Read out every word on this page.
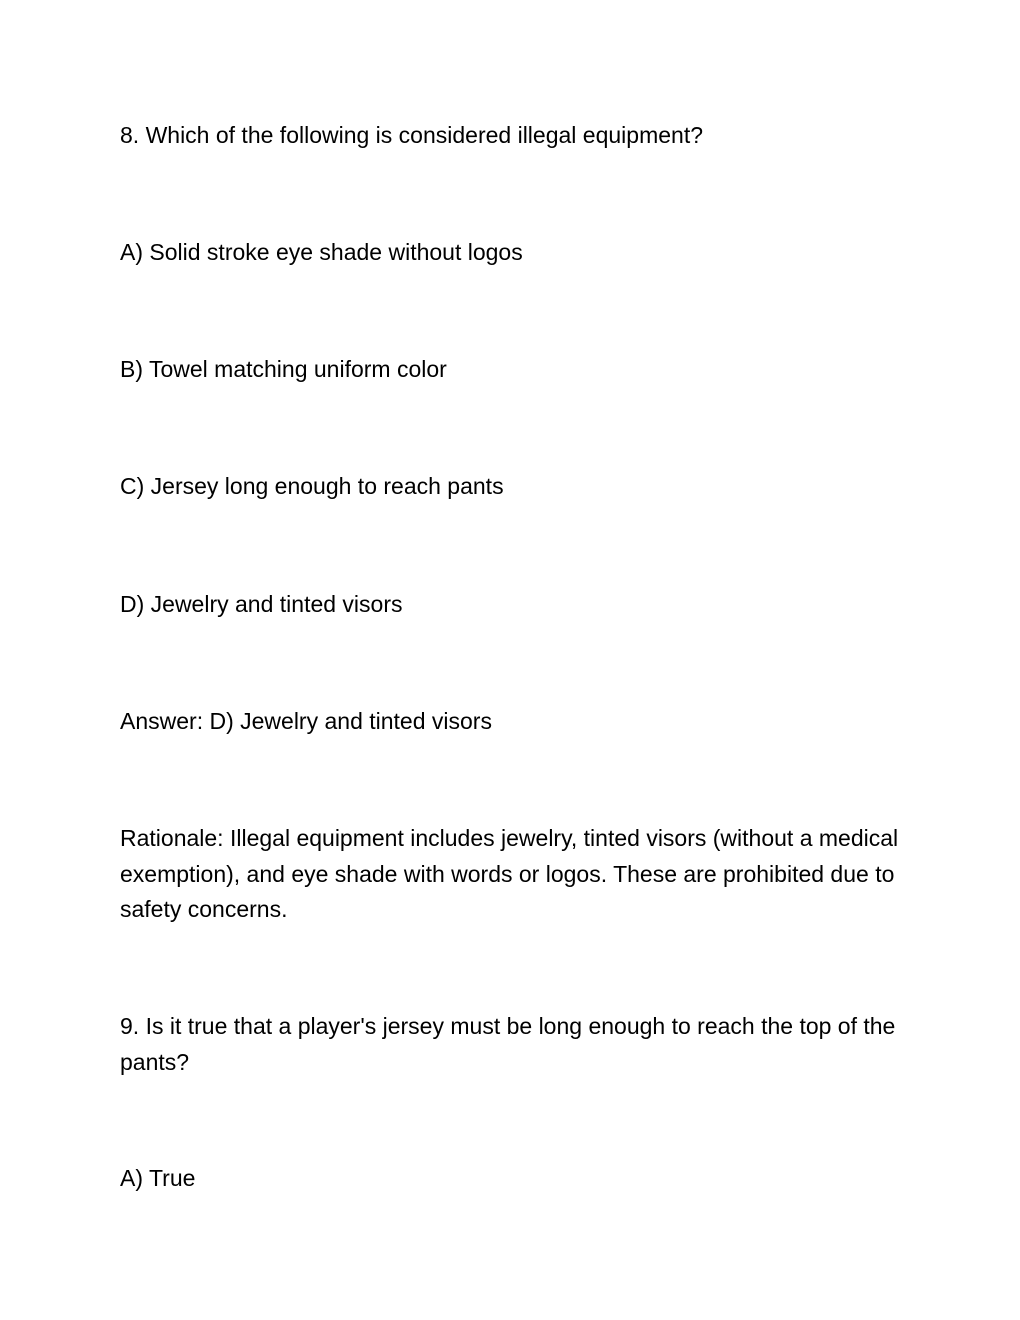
8. Which of the following is considered illegal equipment?

A) Solid stroke eye shade without logos

B) Towel matching uniform color

C) Jersey long enough to reach pants

D) Jewelry and tinted visors

Answer: D) Jewelry and tinted visors

Rationale: Illegal equipment includes jewelry, tinted visors (without a medical exemption), and eye shade with words or logos. These are prohibited due to safety concerns.

9. Is it true that a player's jersey must be long enough to reach the top of the pants?

A) True
